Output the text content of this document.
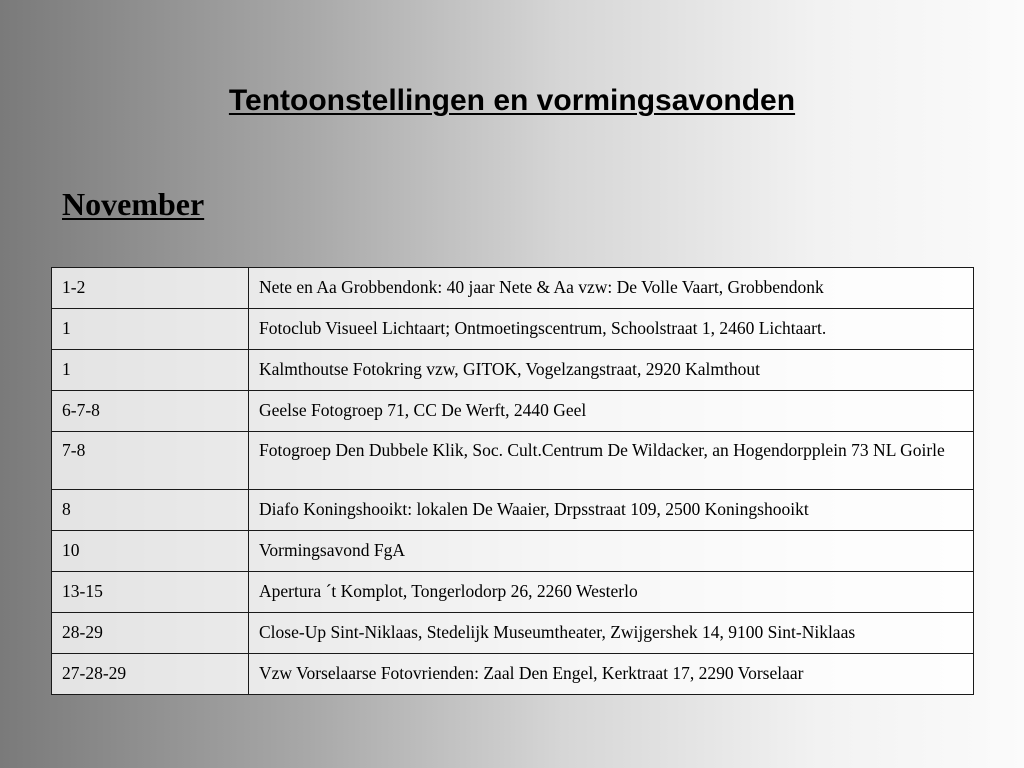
Tentoonstellingen en vormingsavonden
November
1-2	Nete en Aa Grobbendonk: 40 jaar Nete & Aa vzw: De Volle Vaart, Grobbendonk
1	Fotoclub Visueel Lichtaart; Ontmoetingscentrum, Schoolstraat 1, 2460 Lichtaart.
1	Kalmthoutse Fotokring vzw, GITOK, Vogelzangstraat, 2920 Kalmthout
6-7-8	Geelse Fotogroep 71, CC De Werft, 2440 Geel
7-8	Fotogroep Den Dubbele Klik, Soc. Cult.Centrum De Wildacker, an Hogendorpplein 73 NL Goirle
8	Diafo Koningshooikt: lokalen De Waaier, Drpsstraat 109, 2500 Koningshooikt
10	Vormingsavond FgA
13-15	Apertura ´t Komplot, Tongerlodorp 26, 2260 Westerlo
28-29	Close-Up Sint-Niklaas, Stedelijk Museumtheater, Zwijgershek 14, 9100 Sint-Niklaas
27-28-29	Vzw Vorselaarse Fotovrienden: Zaal Den Engel, Kerktraat 17, 2290 Vorselaar
